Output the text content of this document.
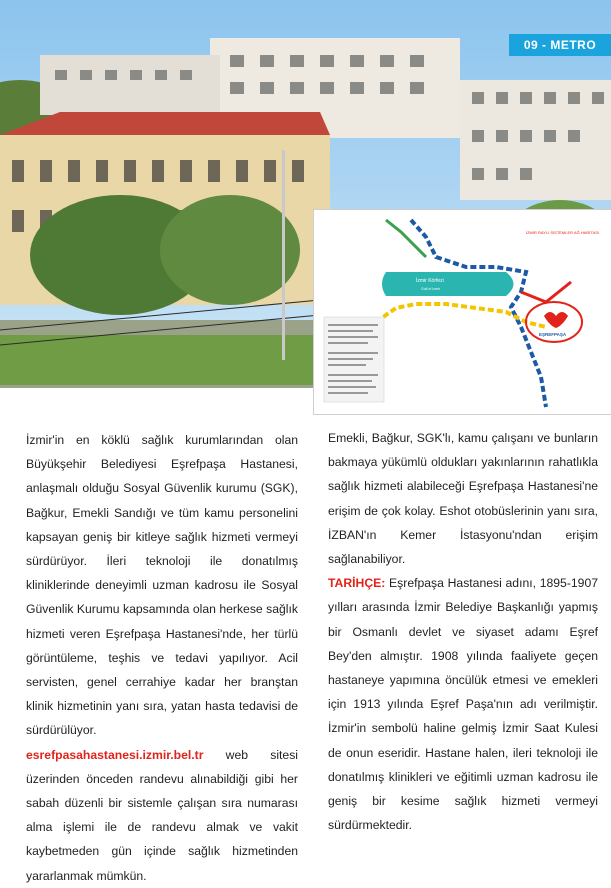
09 - METRO
İZMİR RAYLI SİSTEMLER AĞ HARİTASI
İzmir Körfezi
Gulf of Izmir
EŞREFPAŞA

İzmir'in en köklü sağlık kurumlarından olan Büyükşehir Belediyesi Eşrefpaşa Hastanesi, anlaşmalı olduğu Sosyal Güvenlik kurumu (SGK), Bağkur, Emekli Sandığı ve tüm kamu personelini kapsayan geniş bir kitleye sağlık hizmeti vermeyi sürdürüyor. İleri teknoloji ile donatılmış kliniklerinde deneyimli uzman kadrosu ile Sosyal Güvenlik Kurumu kapsamında olan herkese sağlık hizmeti veren Eşrefpaşa Hastanesi'nde, her türlü görüntüleme, teşhis ve tedavi yapılıyor. Acil servisten, genel cerrahiye kadar her branştan klinik hizmetinin yanı sıra, yatan hasta tedavisi de sürdürülüyor.

esrefpasahastanesi.izmir.bel.tr web sitesi üzerinden önceden randevu alınabildiği gibi her sabah düzenli bir sistemle çalışan sıra numarası alma işlemi ile de randevu almak ve vakit kaybetmeden gün içinde sağlık hizmetinden yararlanmak mümkün.

Emekli, Bağkur, SGK'lı, kamu çalışanı ve bunların bakmaya yükümlü oldukları yakınlarının rahatlıkla sağlık hizmeti alabileceği Eşrefpaşa Hastanesi'ne erişim de çok kolay. Eshot otobüslerinin yanı sıra, İZBAN'ın Kemer İstasyonu'ndan erişim sağlanabiliyor.

TARİHÇE: Eşrefpaşa Hastanesi adını, 1895-1907 yılları arasında İzmir Belediye Başkanlığı yapmış bir Osmanlı devlet ve siyaset adamı Eşref Bey'den almıştır. 1908 yılında faaliyete geçen hastaneye yapımına öncülük etmesi ve emekleri için 1913 yılında Eşref Paşa'nın adı verilmiştir. İzmir'in sembolü haline gelmiş İzmir Saat Kulesi de onun eseridir. Hastane halen, ileri teknoloji ile donatılmış klinikleri ve eğitimli uzman kadrosu ile geniş bir kesime sağlık hizmeti vermeyi sürdürmektedir.
